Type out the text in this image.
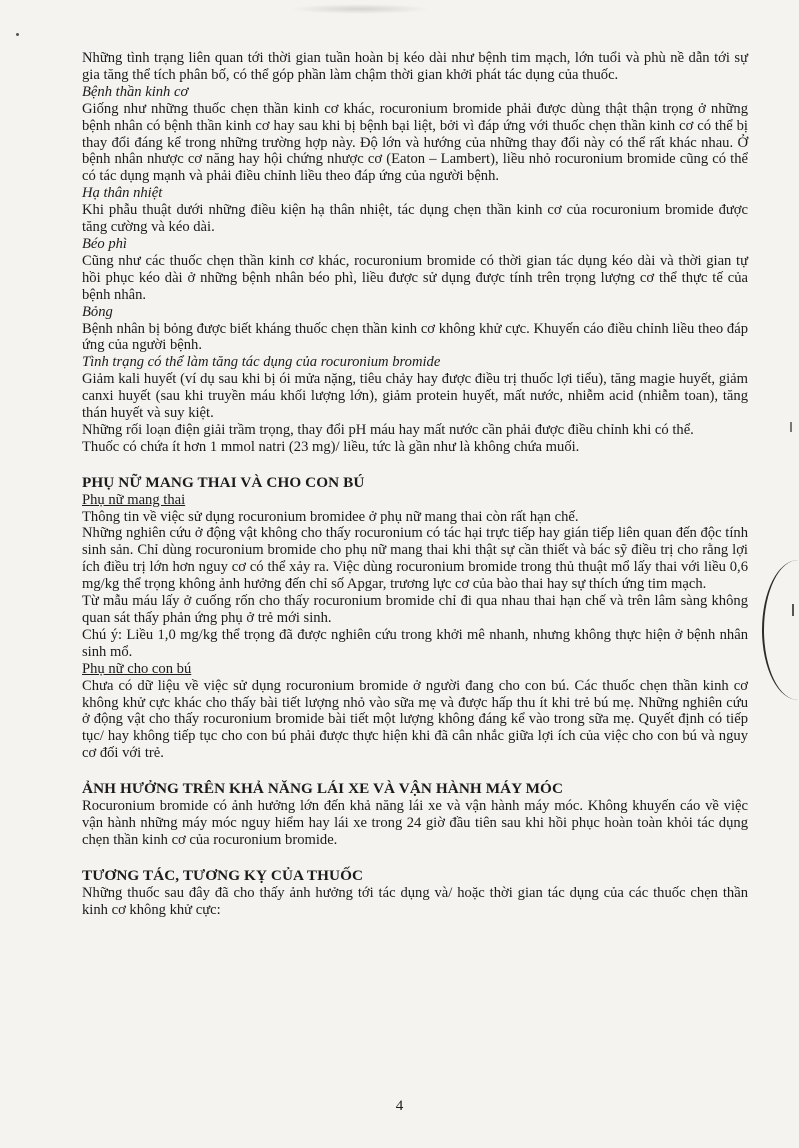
Những tình trạng liên quan tới thời gian tuần hoàn bị kéo dài như bệnh tim mạch, lớn tuổi và phù nề dẫn tới sự gia tăng thể tích phân bố, có thể góp phần làm chậm thời gian khởi phát tác dụng của thuốc.

Bệnh thần kinh cơ

Giống như những thuốc chẹn thần kinh cơ khác, rocuronium bromide phải được dùng thật thận trọng ở những bệnh nhân có bệnh thần kinh cơ hay sau khi bị bệnh bại liệt, bởi vì đáp ứng với thuốc chẹn thần kinh cơ có thể bị thay đổi đáng kể trong những trường hợp này. Độ lớn và hướng của những thay đổi này có thể rất khác nhau. Ở bệnh nhân nhược cơ năng hay hội chứng nhược cơ (Eaton – Lambert), liều nhỏ rocuronium bromide cũng có thể có tác dụng mạnh và phải điều chỉnh liều theo đáp ứng của người bệnh.

Hạ thân nhiệt

Khi phẫu thuật dưới những điều kiện hạ thân nhiệt, tác dụng chẹn thần kinh cơ của rocuronium bromide được tăng cường và kéo dài.

Béo phì

Cũng như các thuốc chẹn thần kinh cơ khác, rocuronium bromide có thời gian tác dụng kéo dài và thời gian tự hồi phục kéo dài ở những bệnh nhân béo phì, liều được sử dụng được tính trên trọng lượng cơ thể thực tế của bệnh nhân.

Bỏng

Bệnh nhân bị bỏng được biết kháng thuốc chẹn thần kinh cơ không khử cực. Khuyến cáo điều chỉnh liều theo đáp ứng của người bệnh.

Tình trạng có thể làm tăng tác dụng của rocuronium bromide

Giảm kali huyết (ví dụ sau khi bị ói mửa nặng, tiêu chảy hay được điều trị thuốc lợi tiểu), tăng magie huyết, giảm canxi huyết (sau khi truyền máu khối lượng lớn), giảm protein huyết, mất nước, nhiễm acid (nhiễm toan), tăng thán huyết và suy kiệt.

Những rối loạn điện giải trầm trọng, thay đổi pH máu hay mất nước cần phải được điều chỉnh khi có thể.

Thuốc có chứa ít hơn 1 mmol natri (23 mg)/ liều, tức là gần như là không chứa muối.

PHỤ NỮ MANG THAI VÀ CHO CON BÚ

Phụ nữ mang thai

Thông tin về việc sử dụng rocuronium bromidee ở phụ nữ mang thai còn rất hạn chế.

Những nghiên cứu ở động vật không cho thấy rocuronium có tác hại trực tiếp hay gián tiếp liên quan đến độc tính sinh sản. Chỉ dùng rocuronium bromide cho phụ nữ mang thai khi thật sự cần thiết và bác sỹ điều trị cho rằng lợi ích điều trị lớn hơn nguy cơ có thể xảy ra. Việc dùng rocuronium bromide trong thủ thuật mổ lấy thai với liều 0,6 mg/kg thể trọng không ảnh hưởng đến chỉ số Apgar, trương lực cơ của bào thai hay sự thích ứng tim mạch.

Từ mẫu máu lấy ở cuống rốn cho thấy rocuronium bromide chỉ đi qua nhau thai hạn chế và trên lâm sàng không quan sát thấy phản ứng phụ ở trẻ mới sinh.

Chú ý: Liều 1,0 mg/kg thể trọng đã được nghiên cứu trong khởi mê nhanh, nhưng không thực hiện ở bệnh nhân sinh mổ.

Phụ nữ cho con bú

Chưa có dữ liệu về việc sử dụng rocuronium bromide ở người đang cho con bú. Các thuốc chẹn thần kinh cơ không khử cực khác cho thấy bài tiết lượng nhỏ vào sữa mẹ và được hấp thu ít khi trẻ bú mẹ. Những nghiên cứu ở động vật cho thấy rocuronium bromide bài tiết một lượng không đáng kể vào trong sữa mẹ. Quyết định có tiếp tục/ hay không tiếp tục cho con bú phải được thực hiện khi đã cân nhắc giữa lợi ích của việc cho con bú và nguy cơ đối với trẻ.

ẢNH HƯỞNG TRÊN KHẢ NĂNG LÁI XE VÀ VẬN HÀNH MÁY MÓC

Rocuronium bromide có ảnh hưởng lớn đến khả năng lái xe và vận hành máy móc. Không khuyến cáo về việc vận hành những máy móc nguy hiểm hay lái xe trong 24 giờ đầu tiên sau khi hồi phục hoàn toàn khỏi tác dụng chẹn thần kinh cơ của rocuronium bromide.

TƯƠNG TÁC, TƯƠNG KỴ CỦA THUỐC

Những thuốc sau đây đã cho thấy ảnh hưởng tới tác dụng và/ hoặc thời gian tác dụng của các thuốc chẹn thần kinh cơ không khử cực:

4
